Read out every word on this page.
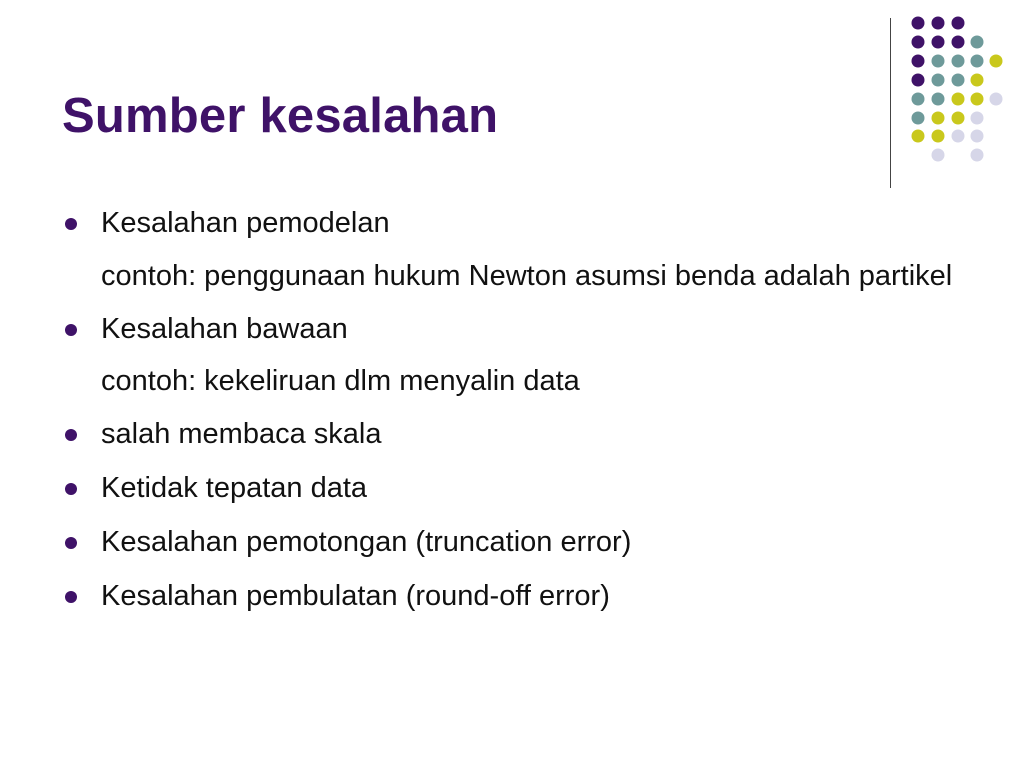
Sumber kesalahan
Kesalahan pemodelan
contoh: penggunaan hukum Newton asumsi benda adalah partikel
Kesalahan bawaan
contoh: kekeliruan dlm menyalin data
salah membaca skala
Ketidak tepatan data
Kesalahan pemotongan (truncation error)
Kesalahan pembulatan (round-off error)
